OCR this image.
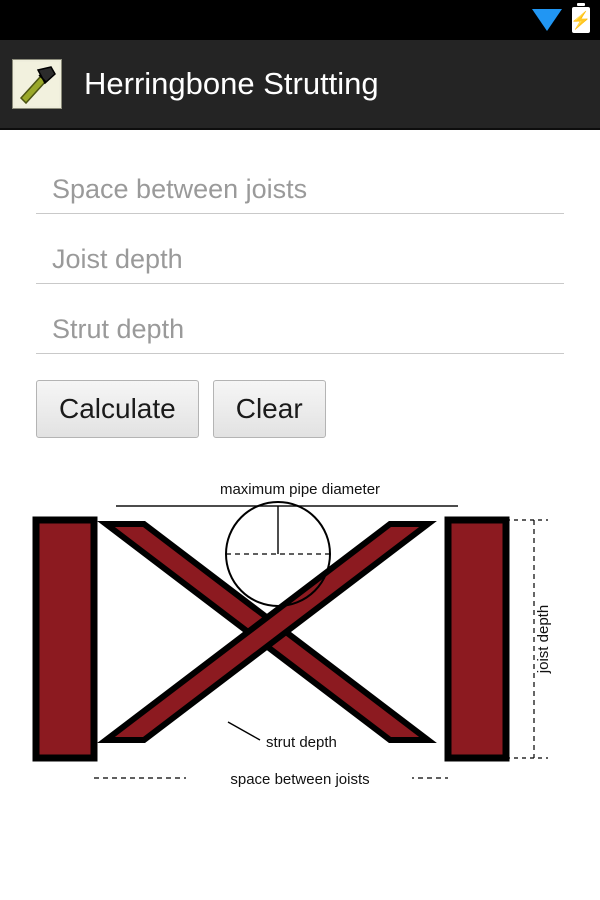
⚡
Herringbone Strutting
Space between joists
Joist depth
Strut depth
Calculate	Clear
maximum pipe diameter
strut depth
joist depth
space between joists
